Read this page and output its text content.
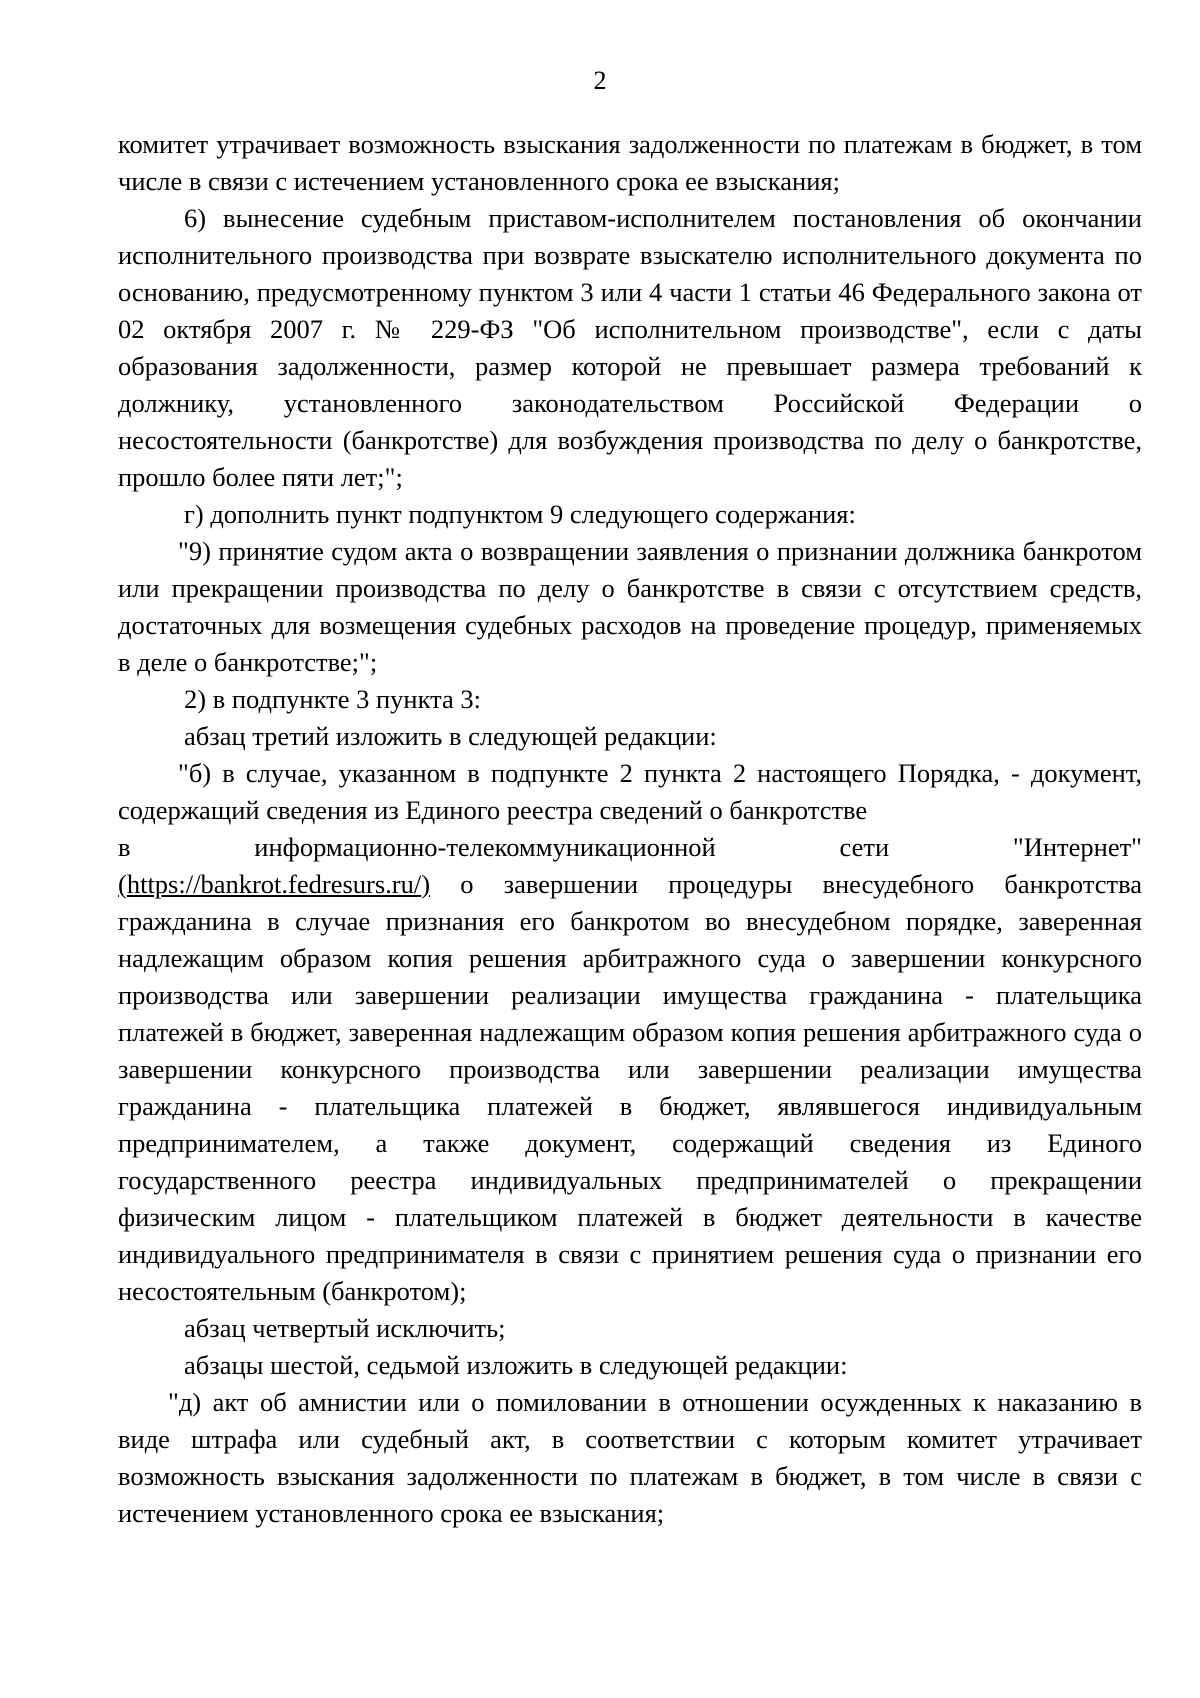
2

комитет утрачивает возможность взыскания задолженности по платежам в бюджет, в том числе в связи с истечением установленного срока ее взыскания;

6) вынесение судебным приставом-исполнителем постановления об окончании исполнительного производства при возврате взыскателю исполнительного документа по основанию, предусмотренному пунктом 3 или 4 части 1 статьи 46 Федерального закона от 02 октября 2007 г. № 229-ФЗ "Об исполнительном производстве", если с даты образования задолженности, размер которой не превышает размера требований к должнику, установленного законодательством Российской Федерации о несостоятельности (банкротстве) для возбуждения производства по делу о банкротстве, прошло более пяти лет;";

г) дополнить пункт подпунктом 9 следующего содержания:

"9) принятие судом акта о возвращении заявления о признании должника банкротом или прекращении производства по делу о банкротстве в связи с отсутствием средств, достаточных для возмещения судебных расходов на проведение процедур, применяемых в деле о банкротстве;";

2) в подпункте 3 пункта 3:

абзац третий изложить в следующей редакции:

"б) в случае, указанном в подпункте 2 пункта 2 настоящего Порядка, - документ, содержащий сведения из Единого реестра сведений о банкротстве

в	информационно-телекоммуникационной	сети	"Интернет"

(https://bankrot.fedresurs.ru/) о завершении процедуры внесудебного банкротства гражданина в случае признания его банкротом во внесудебном порядке, заверенная надлежащим образом копия решения арбитражного суда о завершении конкурсного производства или завершении реализации имущества гражданина - плательщика платежей в бюджет, заверенная надлежащим образом копия решения арбитражного суда о завершении конкурсного производства или завершении реализации имущества гражданина - плательщика платежей в бюджет, являвшегося индивидуальным предпринимателем, а также документ, содержащий сведения из Единого государственного реестра индивидуальных предпринимателей о прекращении физическим лицом - плательщиком платежей в бюджет деятельности в качестве индивидуального предпринимателя в связи с принятием решения суда о признании его несостоятельным (банкротом);

абзац четвертый исключить;

абзацы шестой, седьмой изложить в следующей редакции:

"д) акт об амнистии или о помиловании в отношении осужденных к наказанию в виде штрафа или судебный акт, в соответствии с которым комитет утрачивает возможность взыскания задолженности по платежам в бюджет, в том числе в связи с истечением установленного срока ее взыскания;
